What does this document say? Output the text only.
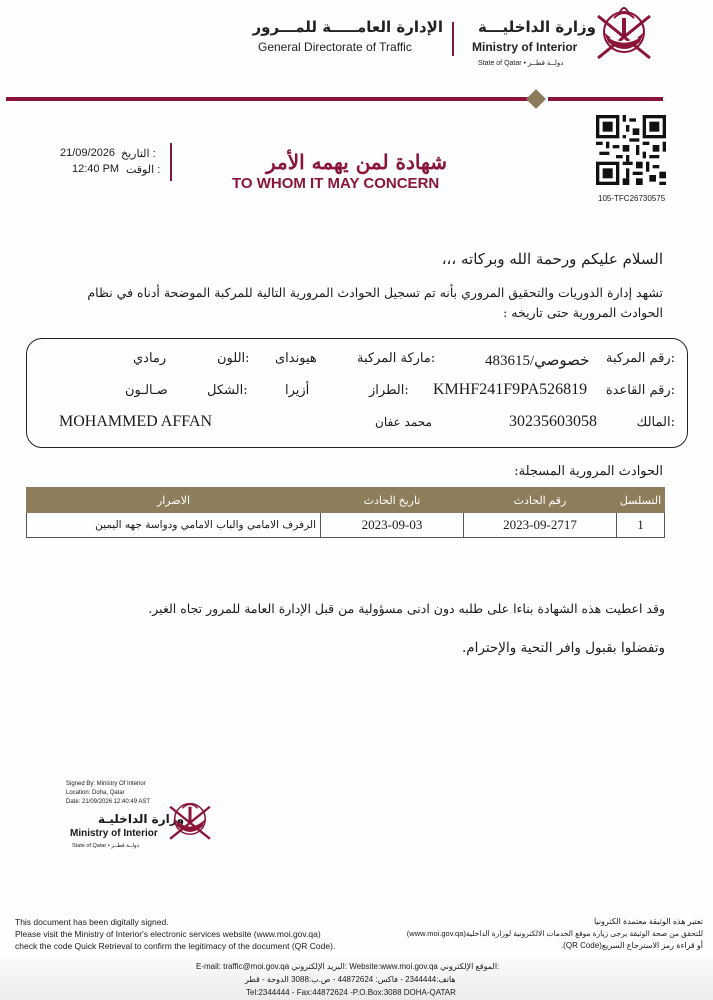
الإدارة العامـــــة للمـــرور
General Directorate of Traffic
وزارة الداخليـــة
Ministry of Interior
State of Qatar • دولــة قطــر
21/09/2026 التاريخ :
الوقت :
12:40 PM	شهادة لمن يهمه الأمر
TO WHOM IT MAY CONCERN
105-TFC26730575
السلام عليكم ورحمة الله وبركاته ،،،
تشهد إدارة الدوريات والتحقيق المروري بأنه تم تسجيل الحوادث المرورية التالية للمركبة الموضحة أدناه في نظام
الحوادث المرورية حتى تاريخه :
رقم المركبة:
خصوصي/483615
ماركة المركبة:
هيونداى
اللون:
رمادي
رقم القاعدة:
KMHF241F9PA526819
الطراز:
أزيرا
الشكل:
صـالـون
المالك:
30235603058
محمد عفان
MOHAMMED AFFAN
الحوادث المرورية المسجلة:
التسلسل	رقم الحادث	تاريخ الحادث	الاضرار
1	2023-09-2717	2023-09-03	الرفرف الامامي والباب الامامي ودواسة جهه اليمين
وقد اعطيت هذه الشهادة بناءا على طلبه دون ادنى مسؤولية من قبل الإدارة العامة للمرور تجاه الغير.
وتفضلوا بقبول وافر التحية والإحترام.
Signed By: Ministry Of Interior
Location: Doha, Qatar
Date: 21/09/2026 12:40:49 AST
وزارة الداخليـة
Ministry of Interior
State of Qatar • دولــة قطــر
This document has been digitally signed.
Please visit the Ministry of Interior's electronic services website (www.moi.gov.qa)
check the code Quick Retrieval to confirm the legitimacy of the document (QR Code).
تعتبر هذه الوثيقة معتمدة الكترونيا
للتحقق من صحة الوثيقة يرجى زيارة موقع الخدمات الالكترونية لوزارة الداخلية(www.moi.gov.qa)
أو قراءة رمز الاسترجاع السريع(QR Code).
E-mail: traffic@moi.gov.qa البريد الإلكتروني: Website:www.moi.gov.qa الموقع الإلكتروني:
هاتف:2344444 - فاكس: 44872624 - ص.ب:3088 الدوحة - قطر
Tel:2344444 - Fax:44872624 -P.O.Box:3088 DOHA-QATAR
